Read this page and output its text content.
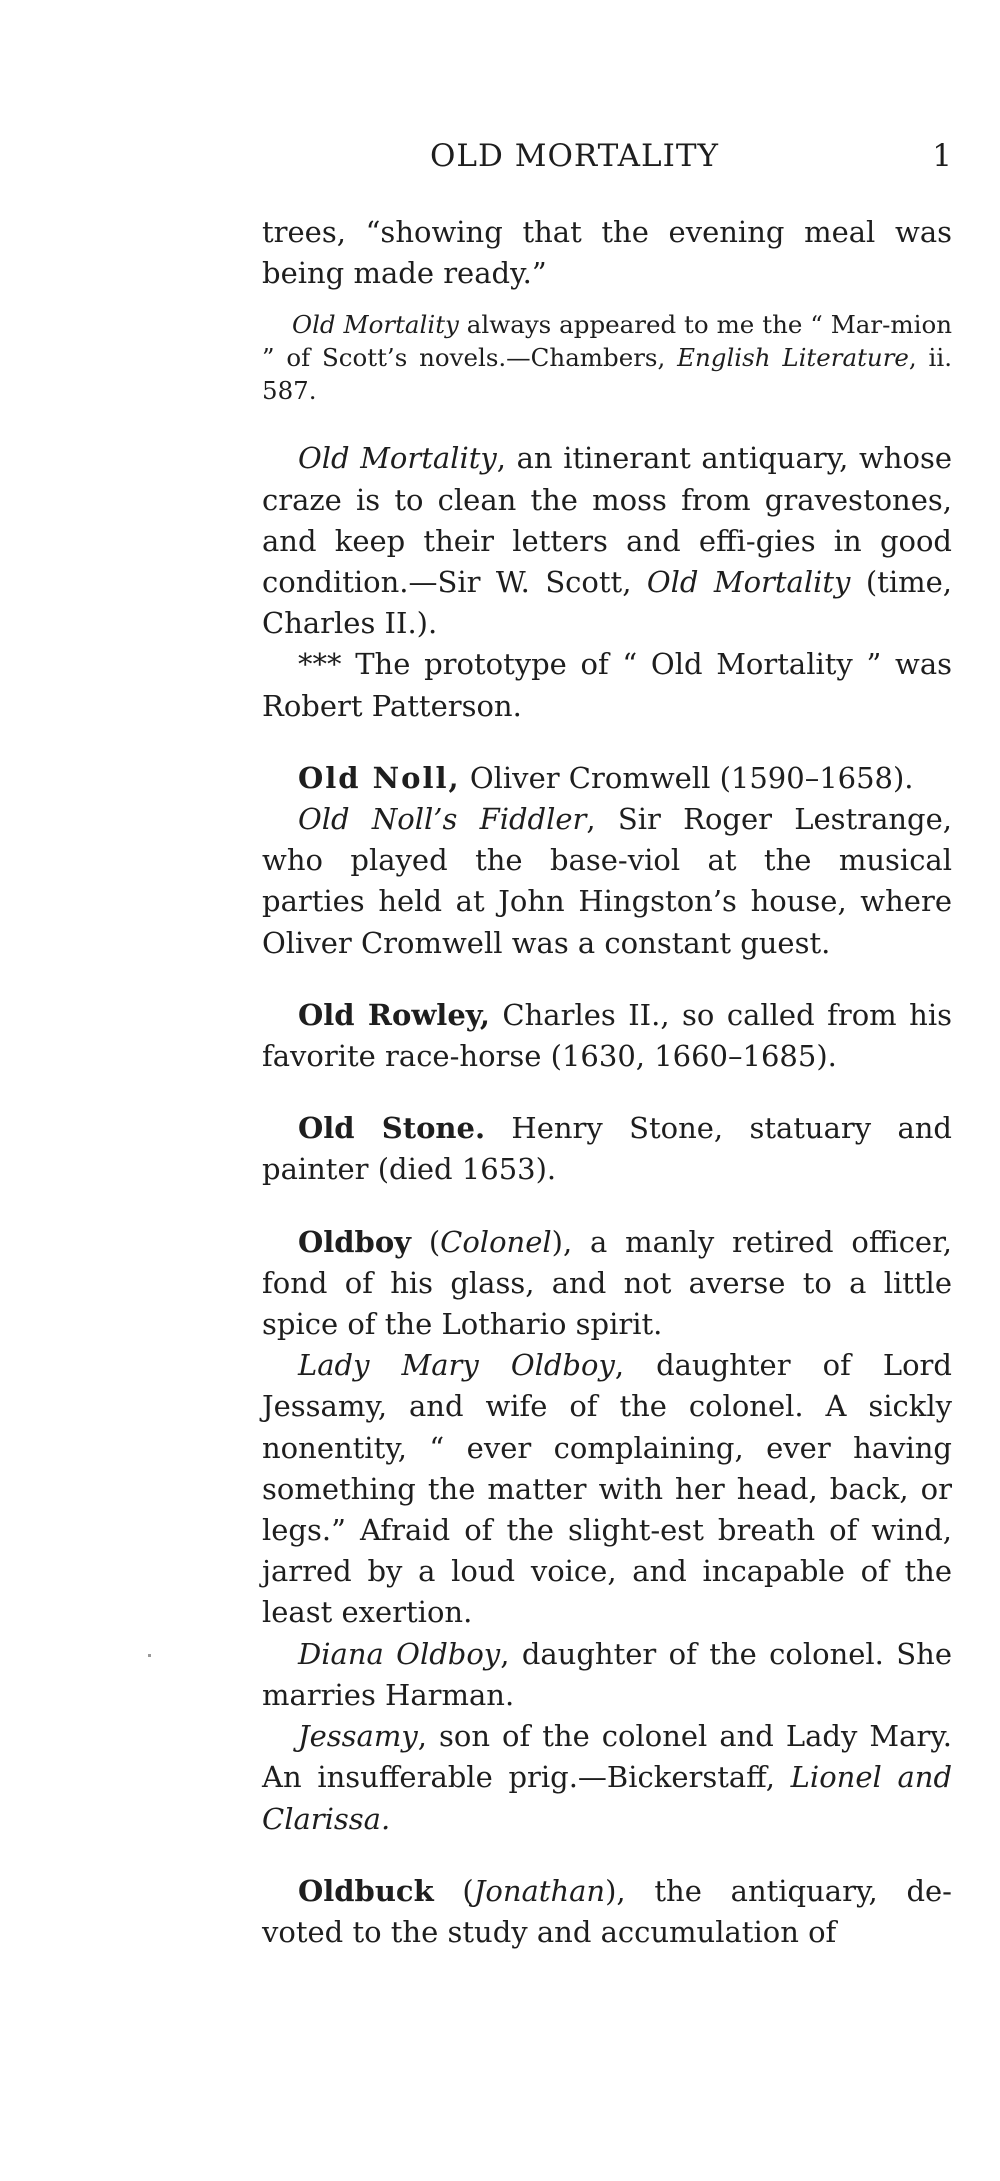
OLD MORTALITY	1

trees, “showing that the evening meal was being made ready.”

Old Mortality always appeared to me the “ Mar-mion ” of Scott’s novels.—Chambers, English Literature, ii. 587.

Old Mortality, an itinerant antiquary, whose craze is to clean the moss from gravestones, and keep their letters and effi-gies in good condition.—Sir W. Scott, Old Mortality (time, Charles II.).

*** The prototype of “ Old Mortality ” was Robert Patterson.

Old Noll, Oliver Cromwell (1590–1658).

Old Noll’s Fiddler, Sir Roger Lestrange, who played the base-viol at the musical parties held at John Hingston’s house, where Oliver Cromwell was a constant guest.

Old Rowley, Charles II., so called from his favorite race-horse (1630, 1660–1685).

Old Stone. Henry Stone, statuary and painter (died 1653).

Oldboy (Colonel), a manly retired officer, fond of his glass, and not averse to a little spice of the Lothario spirit.

Lady Mary Oldboy, daughter of Lord Jessamy, and wife of the colonel. A sickly nonentity, “ ever complaining, ever having something the matter with her head, back, or legs.” Afraid of the slight-est breath of wind, jarred by a loud voice, and incapable of the least exertion.

Diana Oldboy, daughter of the colonel. She marries Harman.

Jessamy, son of the colonel and Lady Mary. An insufferable prig.—Bickerstaff, Lionel and Clarissa.

Oldbuck (Jonathan), the antiquary, de-voted to the study and accumulation of
